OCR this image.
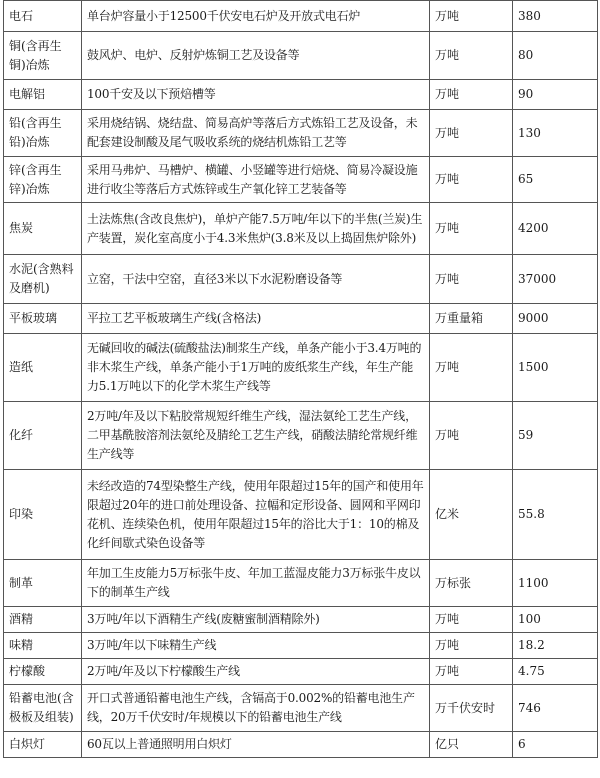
电石	单台炉容量小于12500千伏安电石炉及开放式电石炉	万吨	380
铜(含再生铜)冶炼	鼓风炉、电炉、反射炉炼铜工艺及设备等	万吨	80
电解铝	100千安及以下预焙槽等	万吨	90
铅(含再生铅)冶炼	采用烧结锅、烧结盘、简易高炉等落后方式炼铅工艺及设备，未配套建设制酸及尾气吸收系统的烧结机炼铅工艺等	万吨	130
锌(含再生锌)冶炼	采用马弗炉、马槽炉、横罐、小竖罐等进行焙烧、简易冷凝设施进行收尘等落后方式炼锌或生产氧化锌工艺装备等	万吨	65
焦炭	土法炼焦(含改良焦炉)，单炉产能7.5万吨/年以下的半焦(兰炭)生产装置，炭化室高度小于4.3米焦炉(3.8米及以上捣固焦炉除外)	万吨	4200
水泥(含熟料及磨机)	立窑，干法中空窑，直径3米以下水泥粉磨设备等	万吨	37000
平板玻璃	平拉工艺平板玻璃生产线(含格法)	万重量箱	9000
造纸	无碱回收的碱法(硫酸盐法)制浆生产线，单条产能小于3.4万吨的非木浆生产线，单条产能小于1万吨的废纸浆生产线，年生产能力5.1万吨以下的化学木浆生产线等	万吨	1500
化纤	2万吨/年及以下粘胶常规短纤维生产线，湿法氨纶工艺生产线，二甲基酰胺溶剂法氨纶及腈纶工艺生产线，硝酸法腈纶常规纤维生产线等	万吨	59
印染	未经改造的74型染整生产线，使用年限超过15年的国产和使用年限超过20年的进口前处理设备、拉幅和定形设备、圆网和平网印花机、连续染色机，使用年限超过15年的浴比大于1：10的棉及化纤间歇式染色设备等	亿米	55.8
制革	年加工生皮能力5万标张牛皮、年加工蓝湿皮能力3万标张牛皮以下的制革生产线	万标张	1100
酒精	3万吨/年以下酒精生产线(废糖蜜制酒精除外)	万吨	100
味精	3万吨/年以下味精生产线	万吨	18.2
柠檬酸	2万吨/年及以下柠檬酸生产线	万吨	4.75
铅蓄电池(含极板及组装)	开口式普通铅蓄电池生产线，含镉高于0.002%的铅蓄电池生产线，20万千伏安时/年规模以下的铅蓄电池生产线	万千伏安时	746
白炽灯	60瓦以上普通照明用白炽灯	亿只	6
